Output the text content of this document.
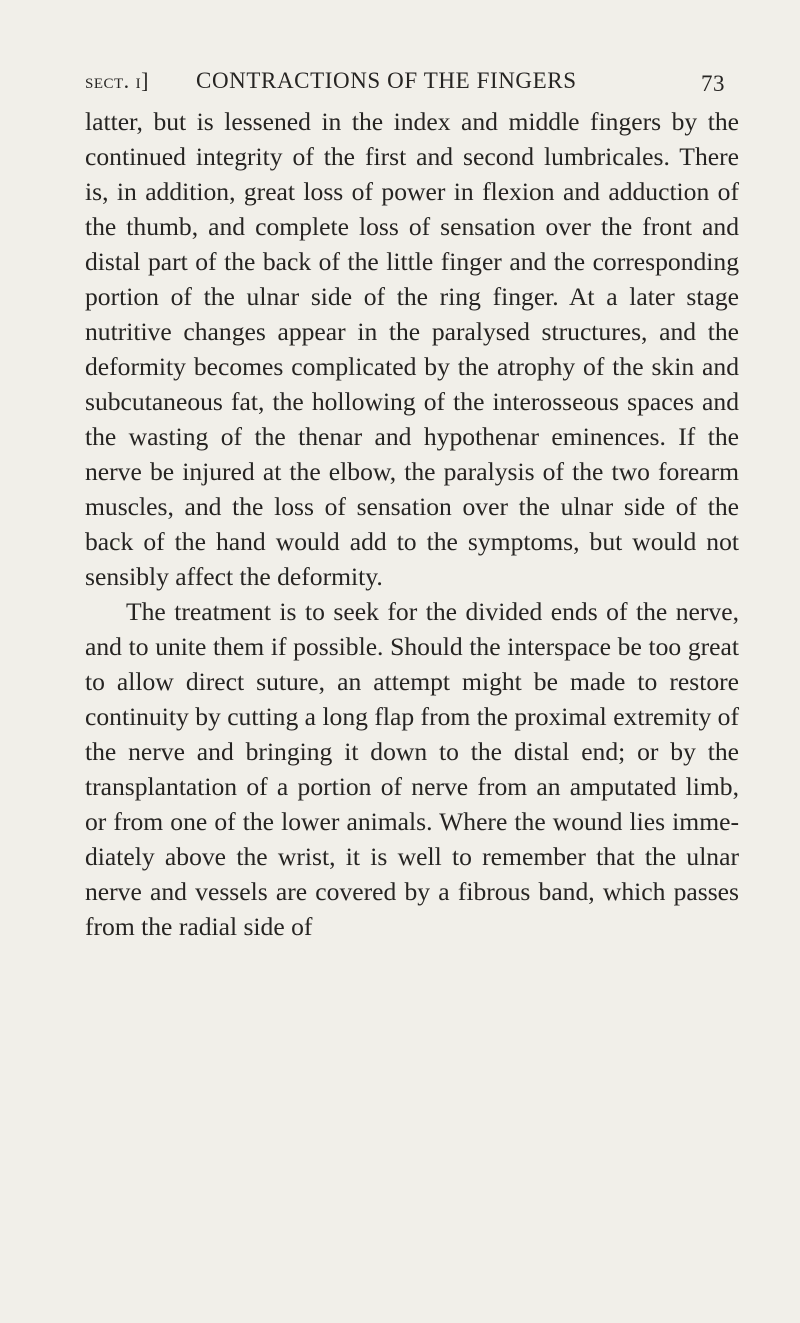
sect. i] CONTRACTIONS OF THE FINGERS	73

latter, but is lessened in the index and middle fingers by the continued integrity of the first and second lumbricales. There is, in addition, great loss of power in flexion and adduction of the thumb, and complete loss of sensation over the front and distal part of the back of the little finger and the corresponding portion of the ulnar side of the ring finger. At a later stage nutritive changes appear in the paralysed structures, and the deformity becomes complicated by the atrophy of the skin and subcutaneous fat, the hollowing of the interosseous spaces and the wasting of the thenar and hypothenar eminences. If the nerve be injured at the elbow, the paralysis of the two forearm muscles, and the loss of sensation over the ulnar side of the back of the hand would add to the symptoms, but would not sensibly affect the deformity.

The treatment is to seek for the divided ends of the nerve, and to unite them if possible. Should the interspace be too great to allow direct suture, an attempt might be made to restore continuity by cutting a long flap from the proximal extremity of the nerve and bringing it down to the distal end; or by the transplantation of a portion of nerve from an amputated limb, or from one of the lower animals. Where the wound lies imme-diately above the wrist, it is well to remember that the ulnar nerve and vessels are covered by a fibrous band, which passes from the radial side of
